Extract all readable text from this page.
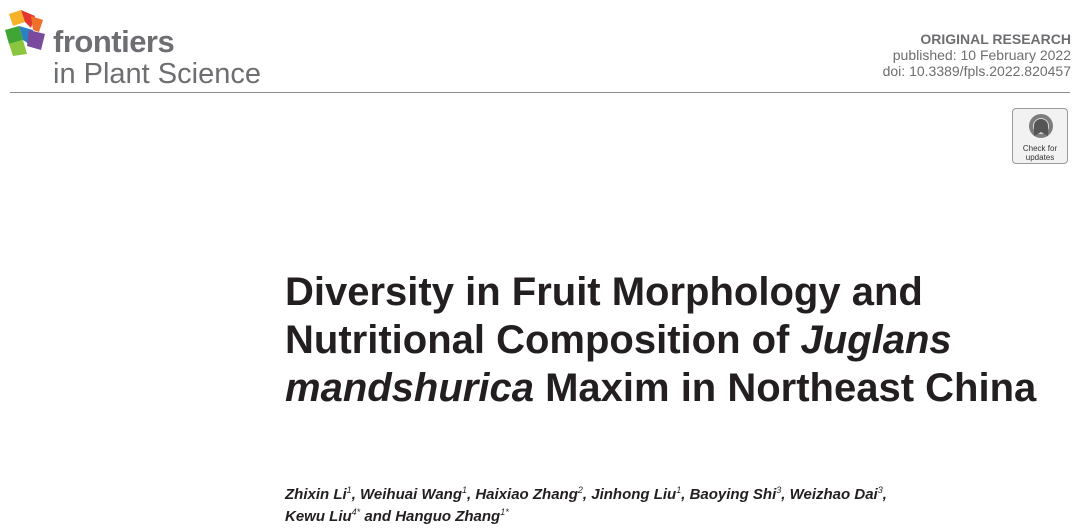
frontiers
in Plant Science
ORIGINAL RESEARCH
published: 10 February 2022
doi: 10.3389/fpls.2022.820457
Check for
updates
Diversity in Fruit Morphology and Nutritional Composition of Juglans mandshurica Maxim in Northeast China
Zhixin Li$^1$, Weihuai Wang$^1$, Haixiao Zhang$^2$, Jinhong Liu$^1$, Baoying Shi$^3$, Weizhao Dai$^3$,
Kewu Liu$^{4*}$ and Hanguo Zhang$^{1*}$
